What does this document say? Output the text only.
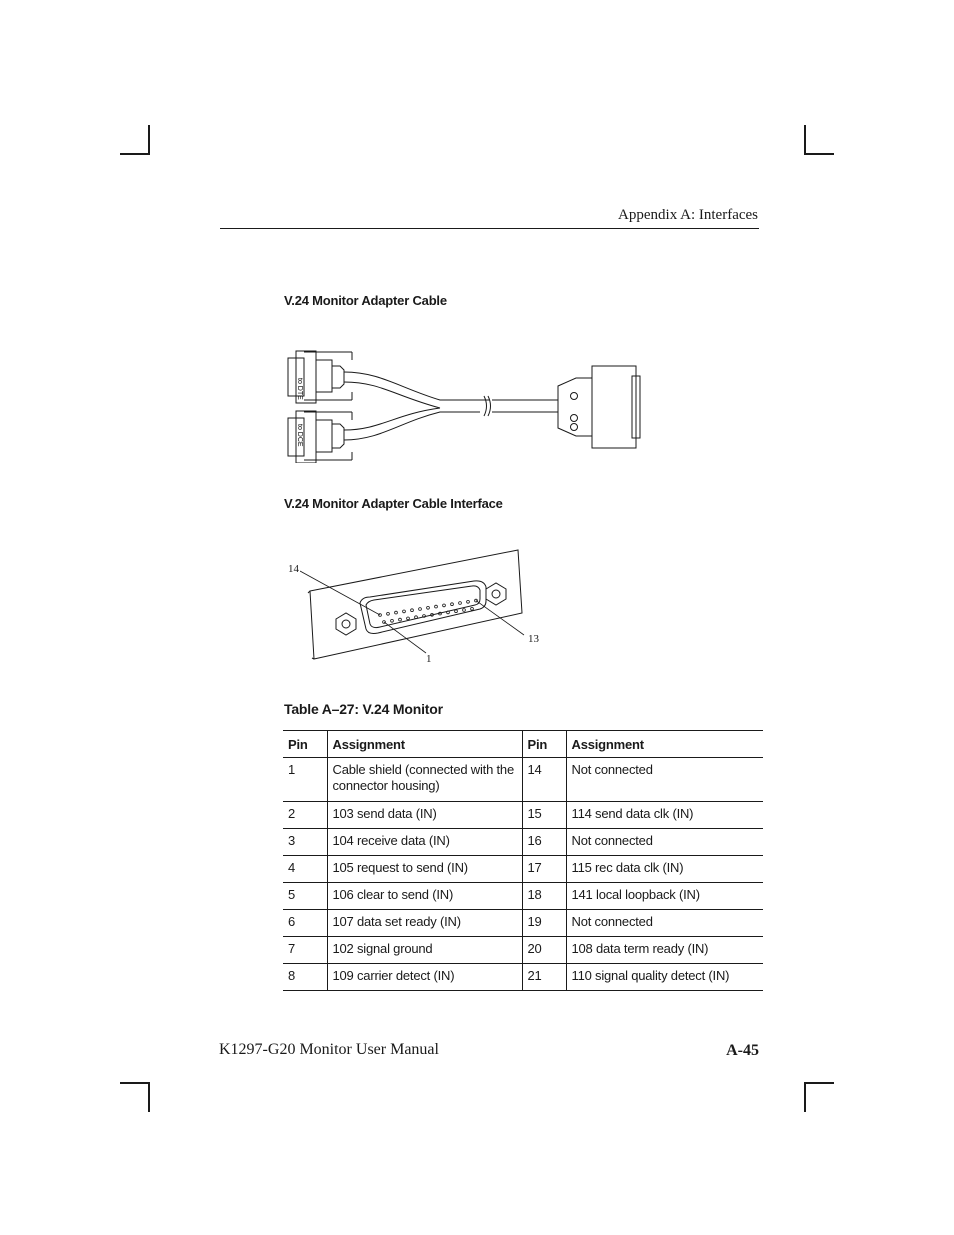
Appendix A: Interfaces
V.24 Monitor Adapter Cable
to DTE
to DCE
V.24 Monitor Adapter Cable Interface
14
13
1
Table A–27: V.24 Monitor
Pin	Assignment	Pin	Assignment
1	Cable shield (connected with the connector housing)	14	Not connected
2	103 send data (IN)	15	114 send data clk (IN)
3	104 receive data (IN)	16	Not connected
4	105 request to send (IN)	17	115 rec data clk (IN)
5	106 clear to send (IN)	18	141 local loopback (IN)
6	107 data set ready (IN)	19	Not connected
7	102 signal ground	20	108 data term ready (IN)
8	109 carrier detect (IN)	21	110 signal quality detect (IN)
K1297-G20 Monitor User Manual	A-45
